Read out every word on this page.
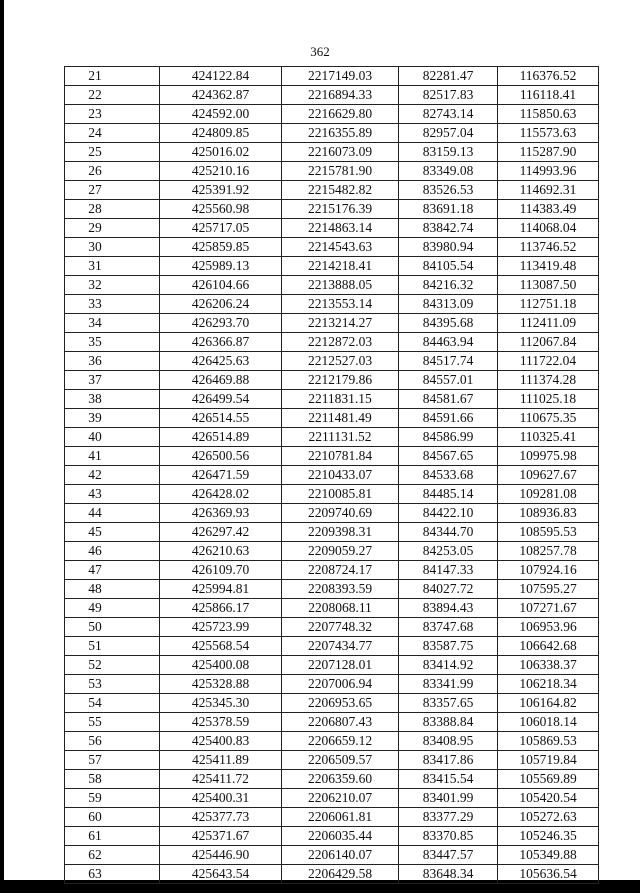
362
21	424122.84	2217149.03	82281.47	116376.52
22	424362.87	2216894.33	82517.83	116118.41
23	424592.00	2216629.80	82743.14	115850.63
24	424809.85	2216355.89	82957.04	115573.63
25	425016.02	2216073.09	83159.13	115287.90
26	425210.16	2215781.90	83349.08	114993.96
27	425391.92	2215482.82	83526.53	114692.31
28	425560.98	2215176.39	83691.18	114383.49
29	425717.05	2214863.14	83842.74	114068.04
30	425859.85	2214543.63	83980.94	113746.52
31	425989.13	2214218.41	84105.54	113419.48
32	426104.66	2213888.05	84216.32	113087.50
33	426206.24	2213553.14	84313.09	112751.18
34	426293.70	2213214.27	84395.68	112411.09
35	426366.87	2212872.03	84463.94	112067.84
36	426425.63	2212527.03	84517.74	111722.04
37	426469.88	2212179.86	84557.01	111374.28
38	426499.54	2211831.15	84581.67	111025.18
39	426514.55	2211481.49	84591.66	110675.35
40	426514.89	2211131.52	84586.99	110325.41
41	426500.56	2210781.84	84567.65	109975.98
42	426471.59	2210433.07	84533.68	109627.67
43	426428.02	2210085.81	84485.14	109281.08
44	426369.93	2209740.69	84422.10	108936.83
45	426297.42	2209398.31	84344.70	108595.53
46	426210.63	2209059.27	84253.05	108257.78
47	426109.70	2208724.17	84147.33	107924.16
48	425994.81	2208393.59	84027.72	107595.27
49	425866.17	2208068.11	83894.43	107271.67
50	425723.99	2207748.32	83747.68	106953.96
51	425568.54	2207434.77	83587.75	106642.68
52	425400.08	2207128.01	83414.92	106338.37
53	425328.88	2207006.94	83341.99	106218.34
54	425345.30	2206953.65	83357.65	106164.82
55	425378.59	2206807.43	83388.84	106018.14
56	425400.83	2206659.12	83408.95	105869.53
57	425411.89	2206509.57	83417.86	105719.84
58	425411.72	2206359.60	83415.54	105569.89
59	425400.31	2206210.07	83401.99	105420.54
60	425377.73	2206061.81	83377.29	105272.63
61	425371.67	2206035.44	83370.85	105246.35
62	425446.90	2206140.07	83447.57	105349.88
63	425643.54	2206429.58	83648.34	105636.54
